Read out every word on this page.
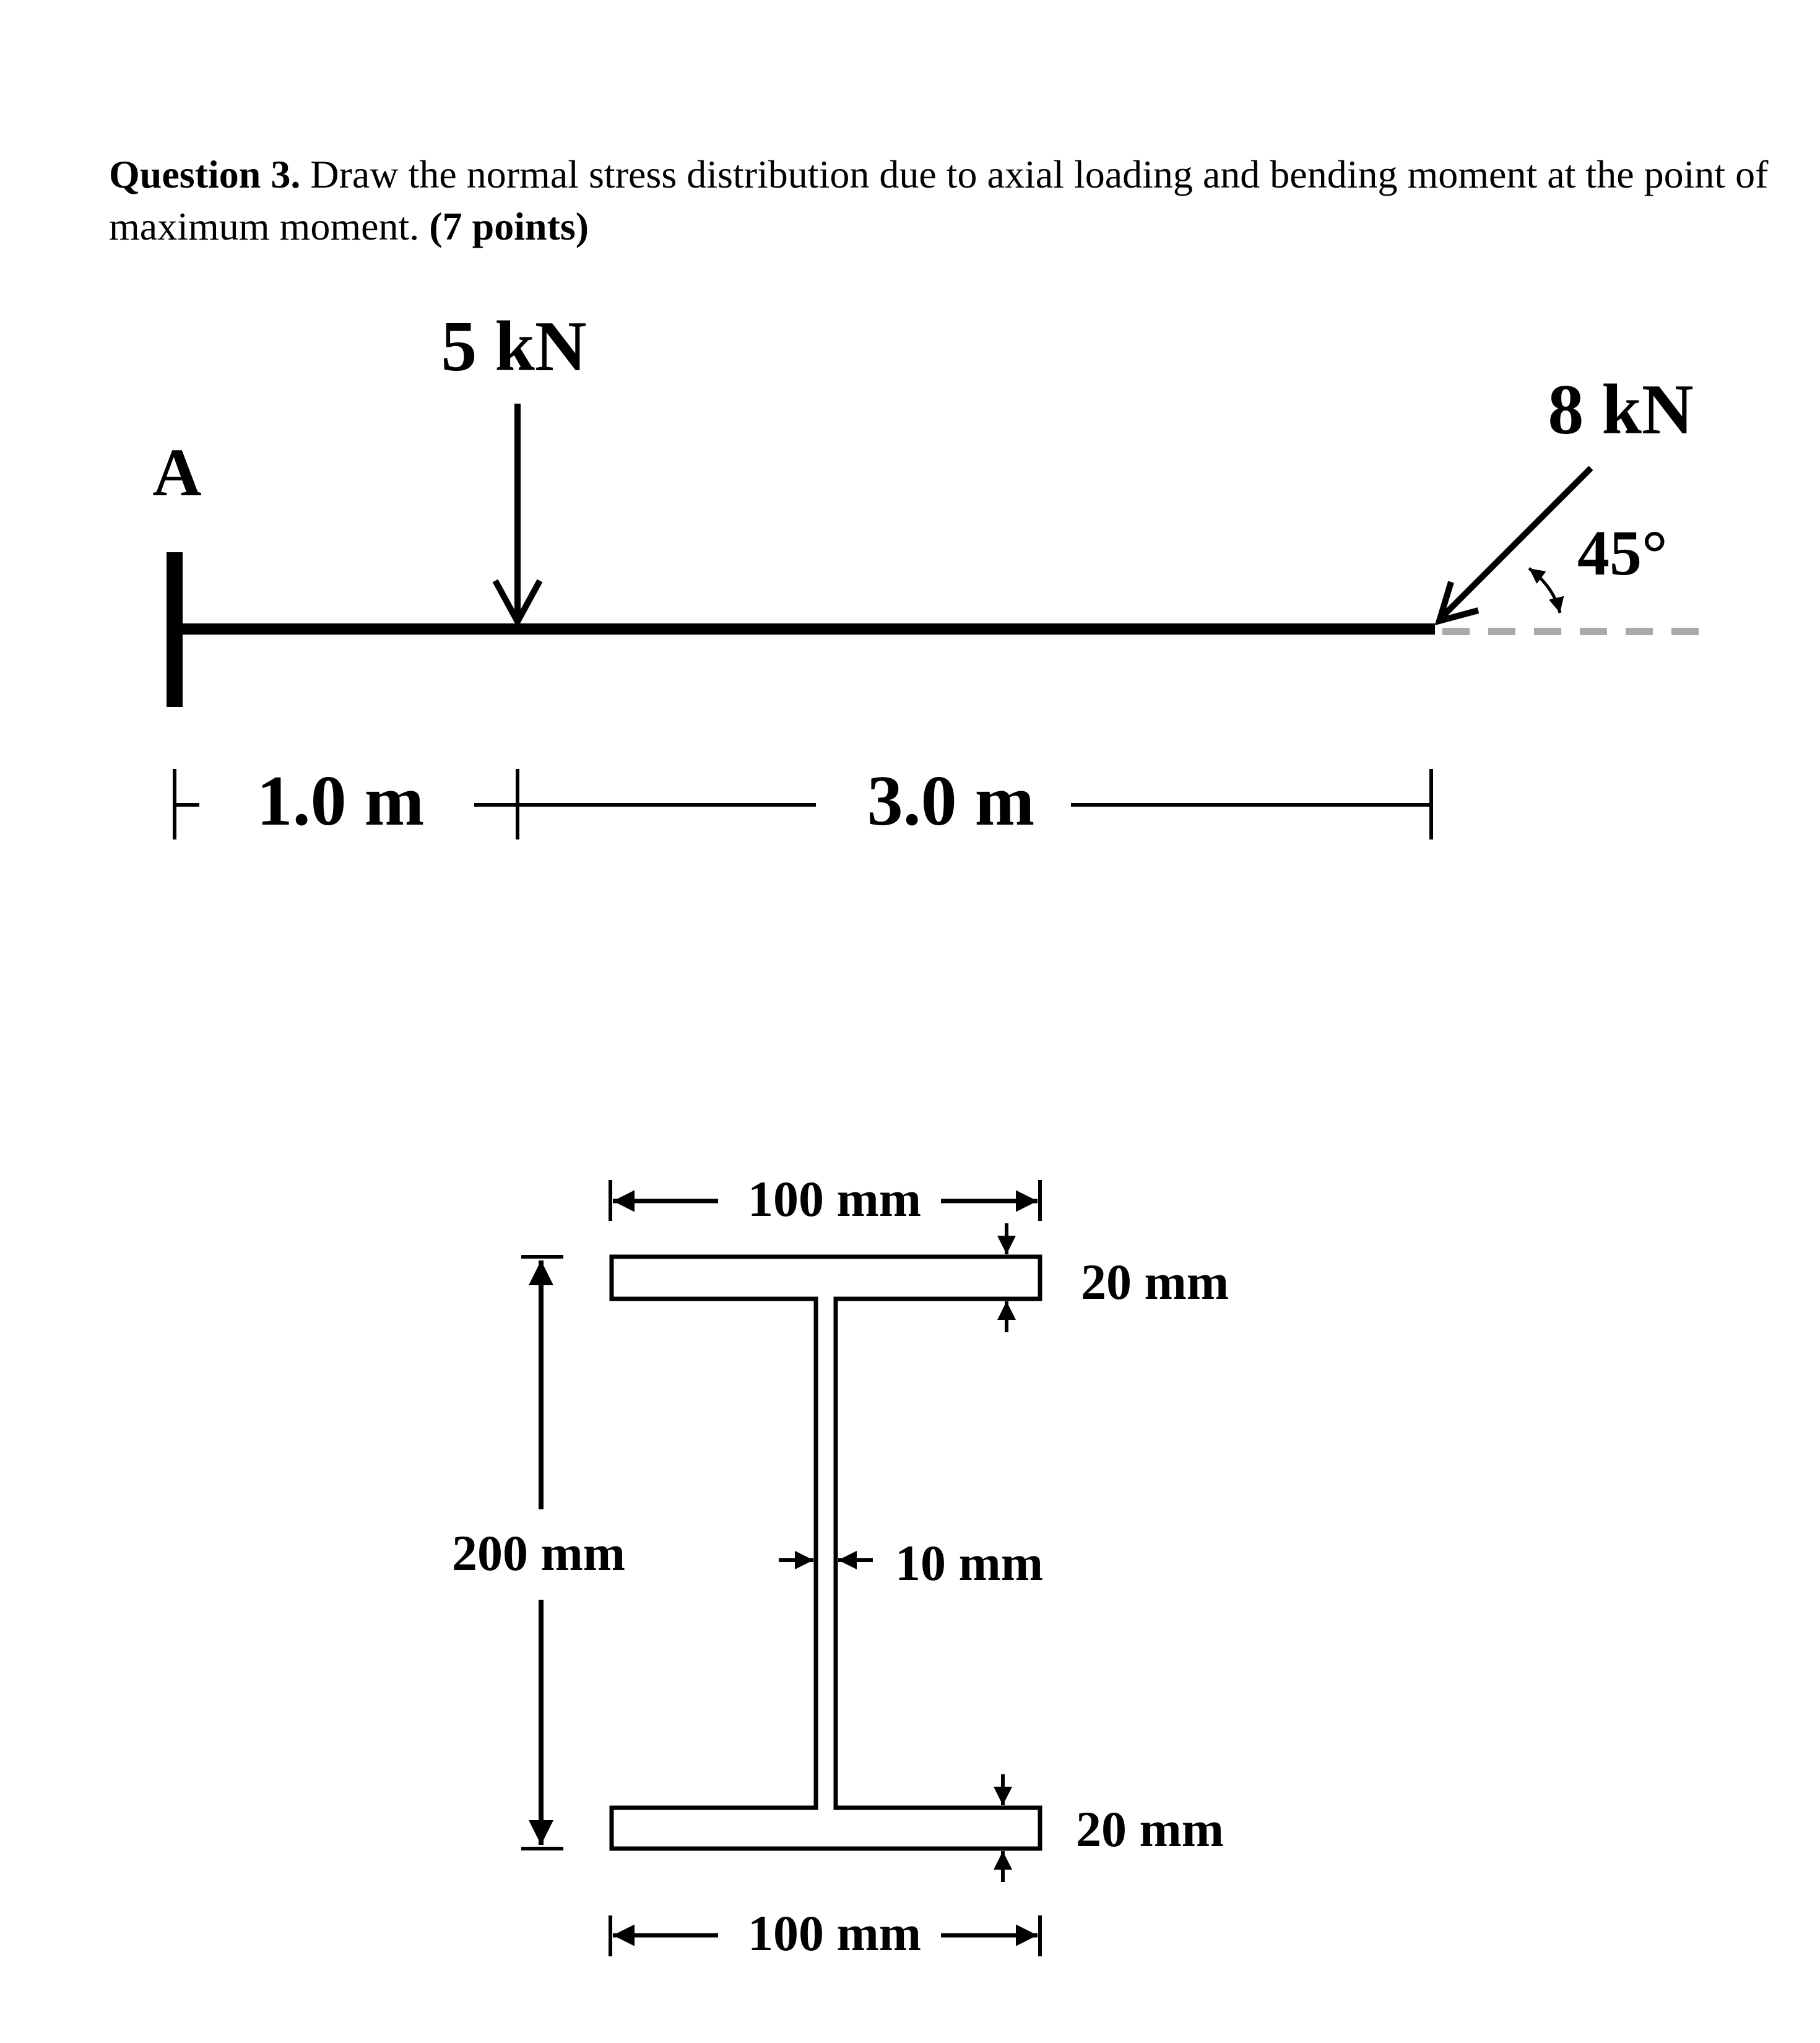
Question 3. Draw the normal stress distribution due to axial loading and bending moment at the point of maximum moment. (7 points)
A
5 kN
8 kN
45°
1.0 m	3.0 m
100 mm
100 mm
200 mm
20 mm
20 mm
10 mm
